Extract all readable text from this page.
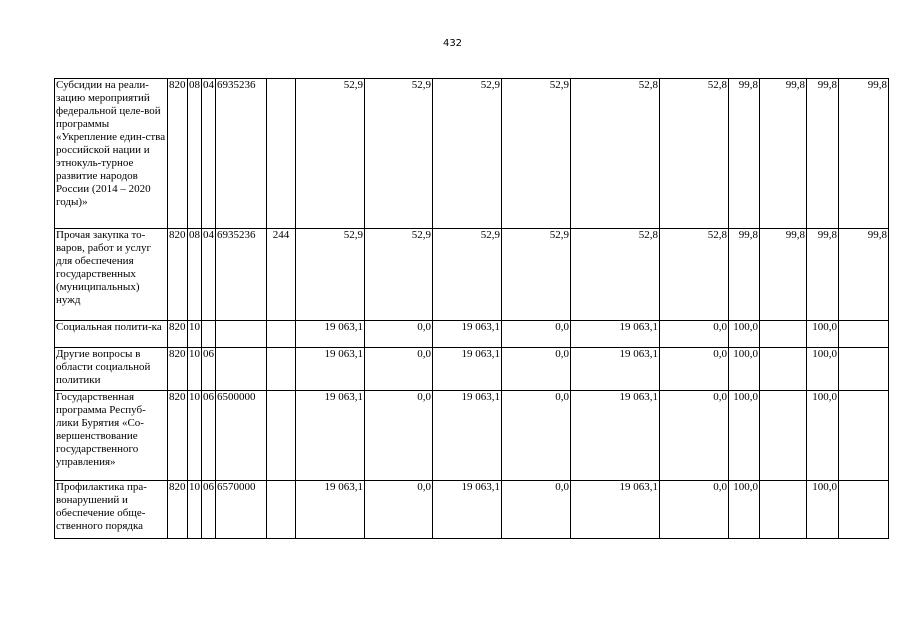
432
Субсидии на реали-зацию мероприятий федеральной целе-вой программы «Укрепление един-ства российской нации и этнокуль-турное развитие народов России (2014 – 2020 годы)»	820	08	04	6935236		52,9	52,9	52,9	52,9	52,8	52,8	99,8	99,8	99,8	99,8
Прочая закупка то-варов, работ и услуг для обеспечения государственных (муниципальных) нужд	820	08	04	6935236	244	52,9	52,9	52,9	52,9	52,8	52,8	99,8	99,8	99,8	99,8
Социальная полити-ка	820	10				19 063,1	0,0	19 063,1	0,0	19 063,1	0,0	100,0		100,0	
Другие вопросы в области социальной политики	820	10	06			19 063,1	0,0	19 063,1	0,0	19 063,1	0,0	100,0		100,0	
Государственная программа Респуб-лики Бурятия «Со-вершенствование государственного управления»	820	10	06	6500000		19 063,1	0,0	19 063,1	0,0	19 063,1	0,0	100,0		100,0	
Профилактика пра-вонарушений и обеспечение обще-ственного порядка	820	10	06	6570000		19 063,1	0,0	19 063,1	0,0	19 063,1	0,0	100,0		100,0	
